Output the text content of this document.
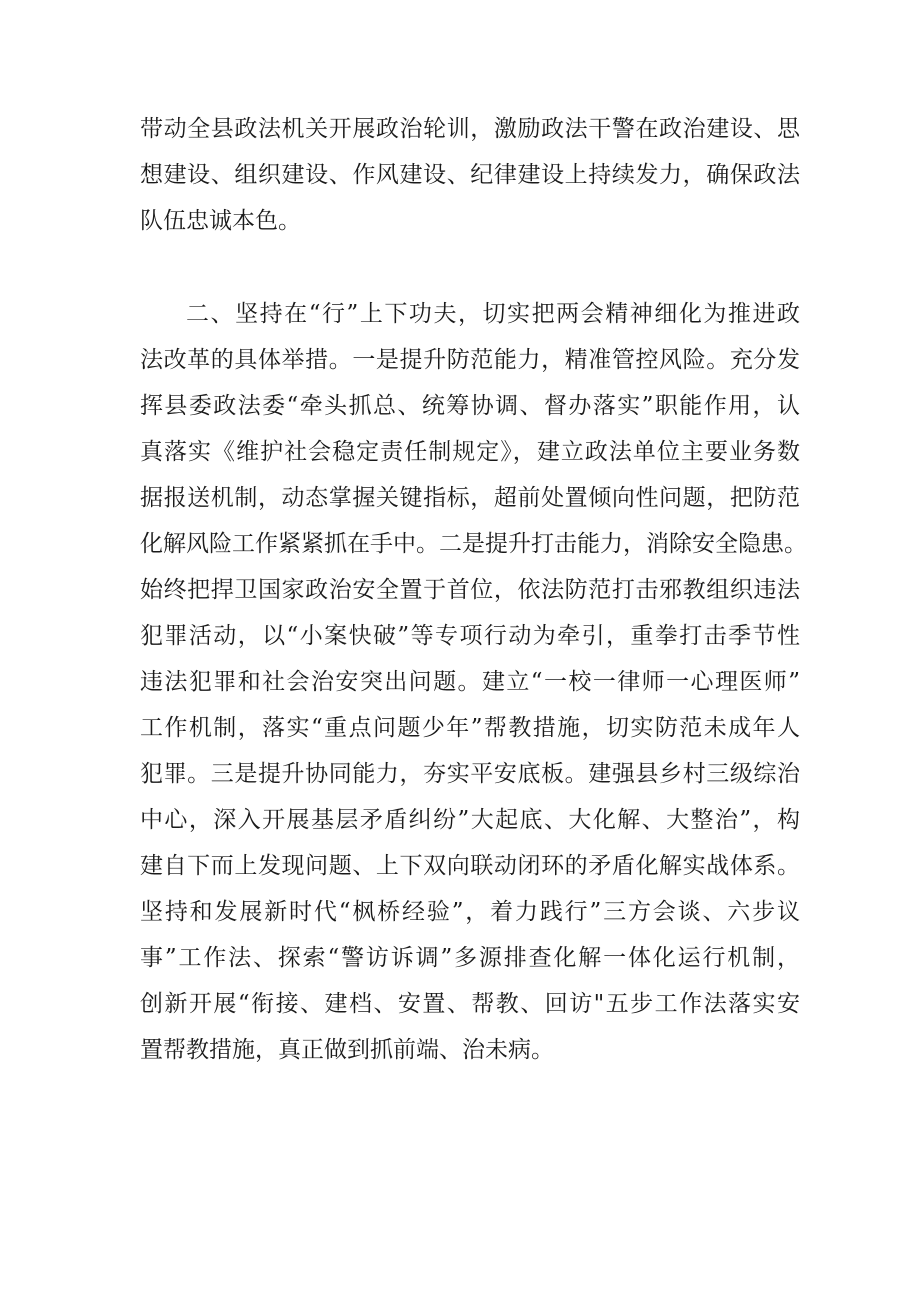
带动全县政法机关开展政治轮训，激励政法干警在政治建设、思
想建设、组织建设、作风建设、纪律建设上持续发力，确保政法
队伍忠诚本色。
二、坚持在“行”上下功夫，切实把两会精神细化为推进政
法改革的具体举措。一是提升防范能力，精准管控风险。充分发
挥县委政法委“牵头抓总、统筹协调、督办落实”职能作用，认
真落实《维护社会稳定责任制规定》，建立政法单位主要业务数
据报送机制，动态掌握关键指标，超前处置倾向性问题，把防范
化解风险工作紧紧抓在手中。二是提升打击能力，消除安全隐患。
始终把捍卫国家政治安全置于首位，依法防范打击邪教组织违法
犯罪活动，以“小案快破”等专项行动为牵引，重拳打击季节性
违法犯罪和社会治安突出问题。建立“一校一律师一心理医师”
工作机制，落实“重点问题少年”帮教措施，切实防范未成年人
犯罪。三是提升协同能力，夯实平安底板。建强县乡村三级综治
中心，深入开展基层矛盾纠纷”大起底、大化解、大整治”，构
建自下而上发现问题、上下双向联动闭环的矛盾化解实战体系。
坚持和发展新时代“枫桥经验”，着力践行”三方会谈、六步议
事”工作法、探索“警访诉调”多源排查化解一体化运行机制，
创新开展“衔接、建档、安置、帮教、回访"五步工作法落实安
置帮教措施，真正做到抓前端、治未病。
